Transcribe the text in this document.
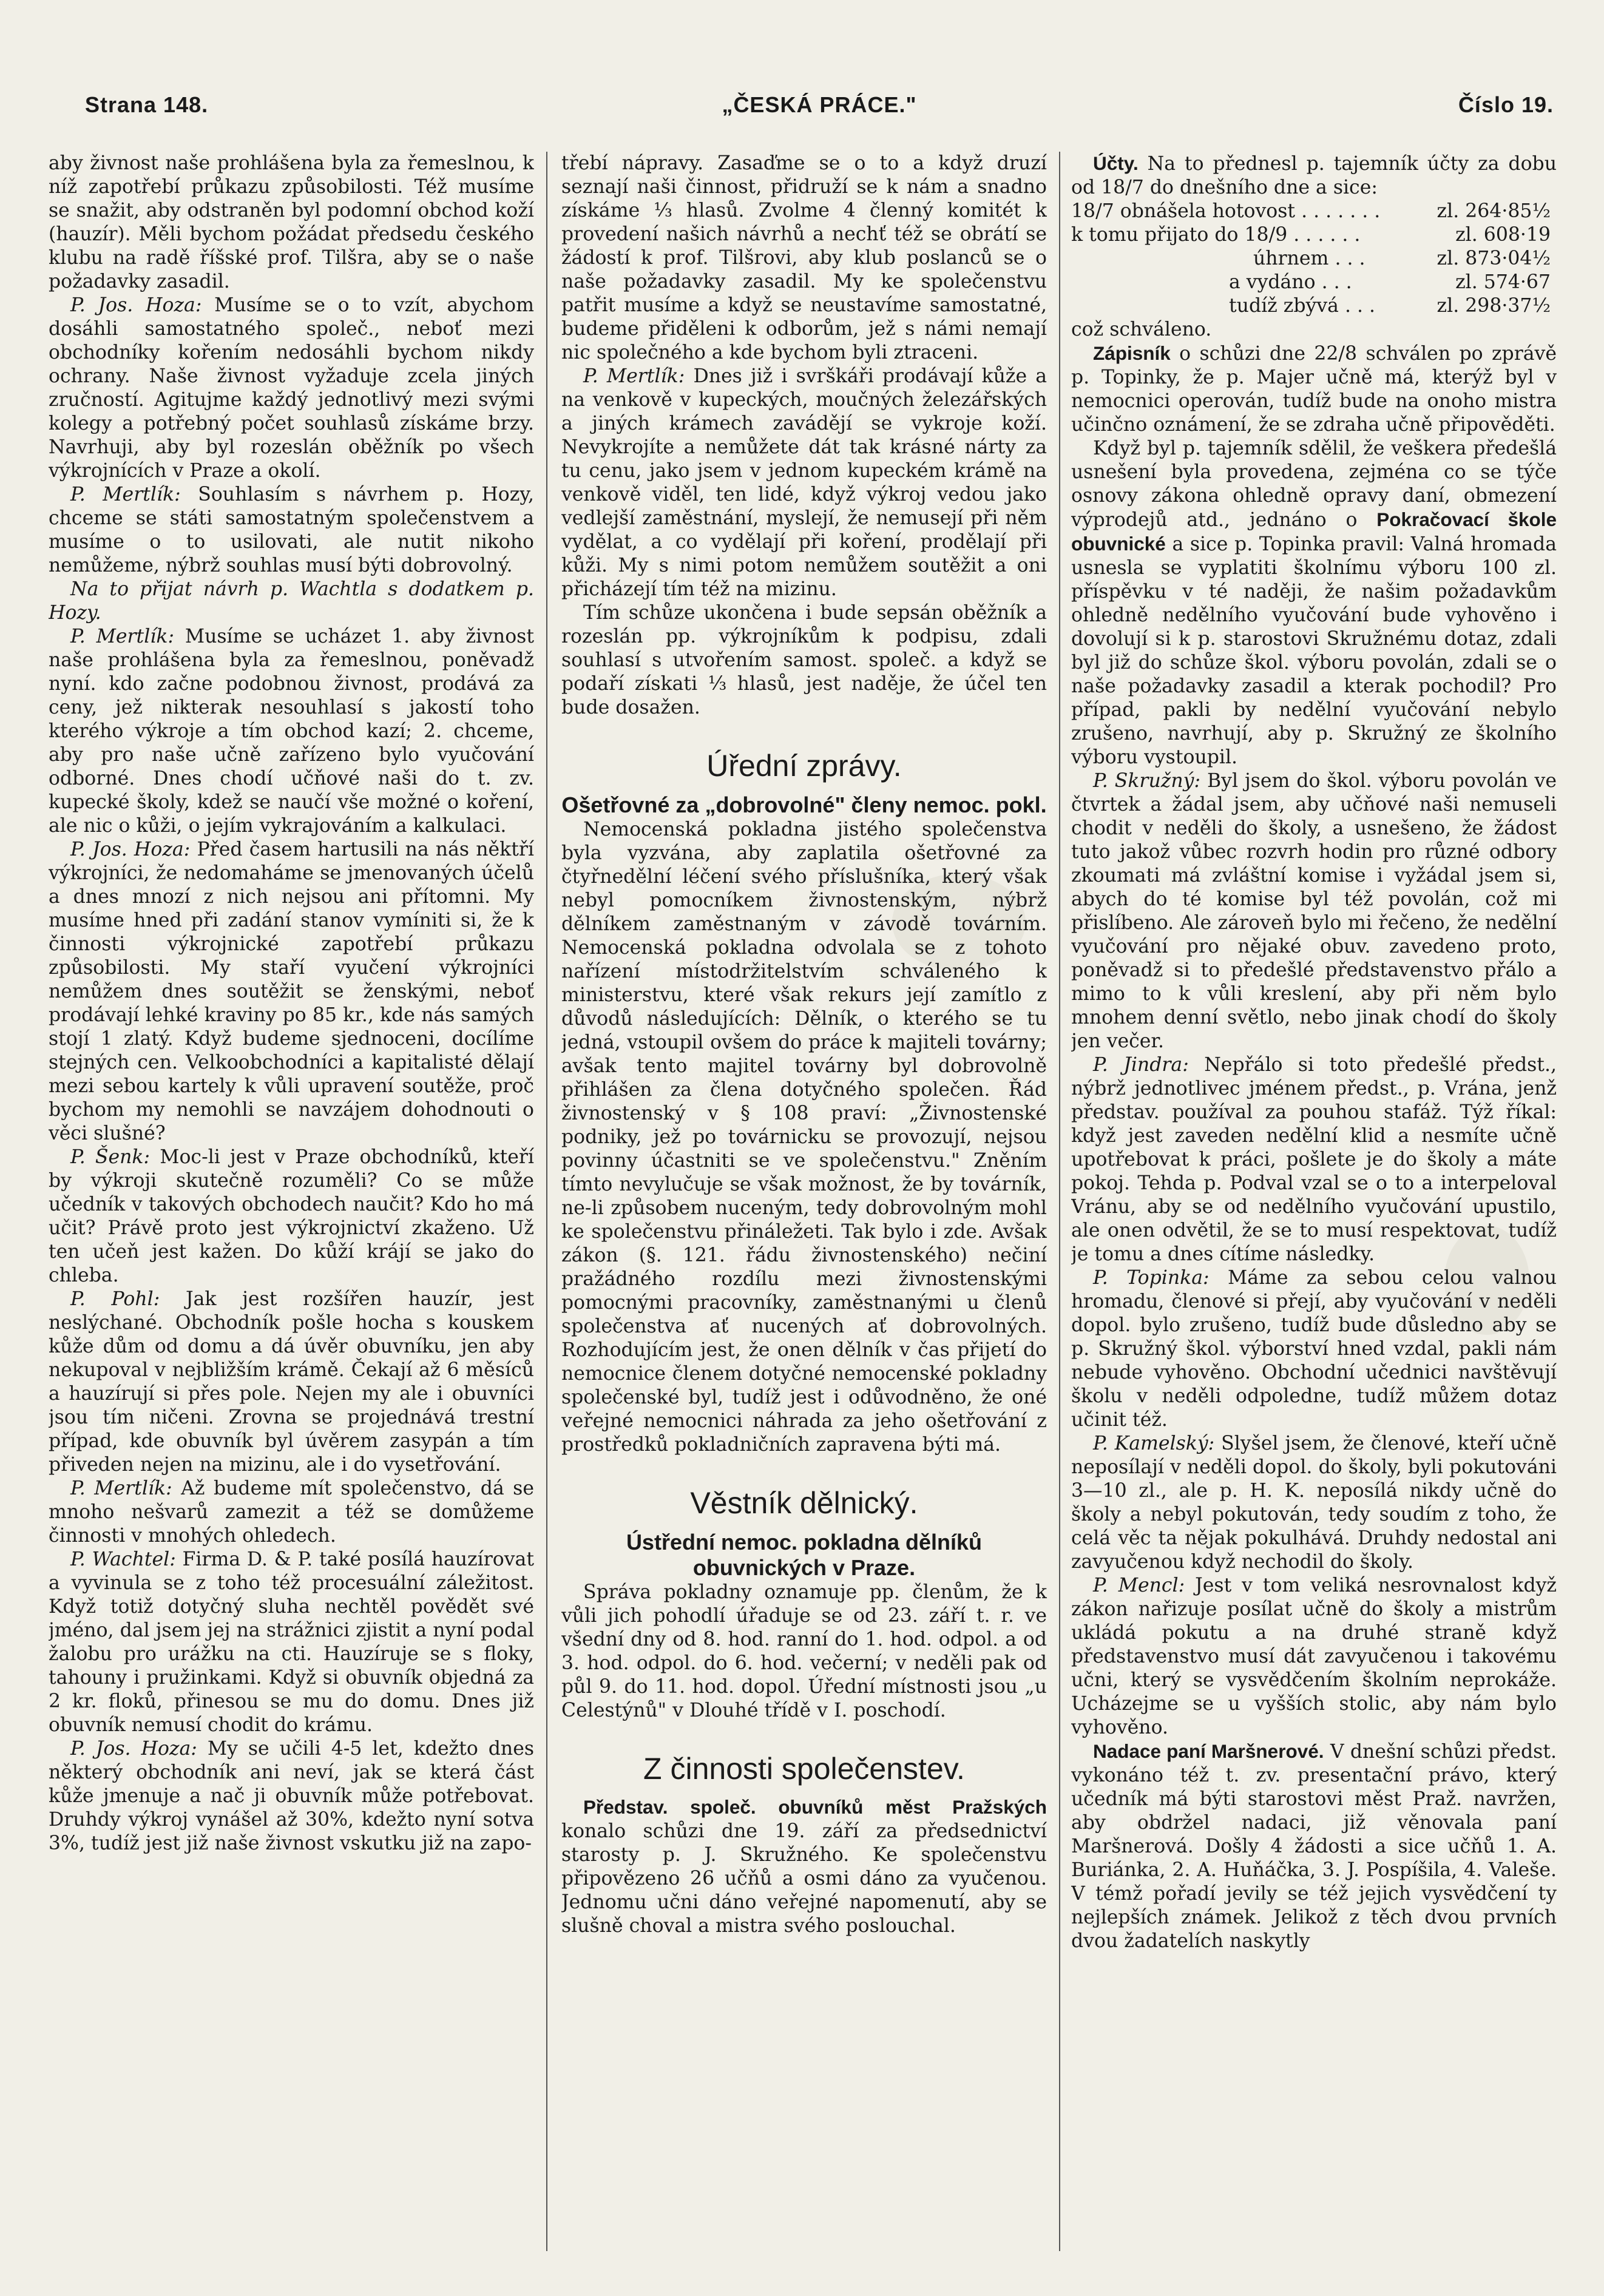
Strana 148.	„ČESKÁ PRÁCE."	Číslo 19.

aby živnost naše prohlášena byla za řemeslnou, k níž zapotřebí průkazu způsobilosti. Též musíme se snažit, aby odstraněn byl podomní obchod koží (hauzír). Měli bychom požádat předsedu českého klubu na radě říšské prof. Tilšra, aby se o naše požadavky zasadil.

P. Jos. Hoza: Musíme se o to vzít, abychom dosáhli samostatného společ., neboť mezi obchodníky kořením nedosáhli bychom nikdy ochrany. Naše živnost vyžaduje zcela jiných zručností. Agitujme každý jednotlivý mezi svými kolegy a potřebný počet souhlasů získáme brzy. Navrhuji, aby byl rozeslán oběžník po všech výkrojnících v Praze a okolí.

P. Mertlík: Souhlasím s návrhem p. Hozy, chceme se státi samostatným společenstvem a musíme o to usilovati, ale nutit nikoho nemůžeme, nýbrž souhlas musí býti dobrovolný.

Na to přijat návrh p. Wachtla s dodatkem p. Hozy.

P. Mertlík: Musíme se ucházet 1. aby živnost naše prohlášena byla za řemeslnou, poněvadž nyní. kdo začne podobnou živnost, prodává za ceny, jež nikterak nesouhlasí s jakostí toho kterého výkroje a tím obchod kazí; 2. chceme, aby pro naše učně zařízeno bylo vyučování odborné. Dnes chodí učňové naši do t. zv. kupecké školy, kdež se naučí vše možné o koření, ale nic o kůži, o jejím vykrajováním a kalkulaci.

P. Jos. Hoza: Před časem hartusili na nás něktří výkrojníci, že nedomaháme se jmenovaných účelů a dnes mnozí z nich nejsou ani přítomni. My musíme hned při zadání stanov vymíniti si, že k činnosti výkrojnické zapotřebí průkazu způsobilosti. My staří vyučení výkrojníci nemůžem dnes soutěžit se ženskými, neboť prodávají lehké kraviny po 85 kr., kde nás samých stojí 1 zlatý. Když budeme sjednoceni, docílíme stejných cen. Velkoobchodníci a kapitalisté dělají mezi sebou kartely k vůli upravení soutěže, proč bychom my nemohli se navzájem dohodnouti o věci slušné?

P. Šenk: Moc-li jest v Praze obchodníků, kteří by výkroji skutečně rozuměli? Co se může učedník v takových obchodech naučit? Kdo ho má učit? Právě proto jest výkrojnictví zkaženo. Už ten učeň jest kažen. Do kůží krájí se jako do chleba.

P. Pohl: Jak jest rozšířen hauzír, jest neslýchané. Obchodník pošle hocha s kouskem kůže dům od domu a dá úvěr obuvníku, jen aby nekupoval v nejbližším krámě. Čekají až 6 měsíců a hauzírují si přes pole. Nejen my ale i obuvníci jsou tím ničeni. Zrovna se projednává trestní případ, kde obuvník byl úvěrem zasypán a tím přiveden nejen na mizinu, ale i do vysetřování.

P. Mertlík: Až budeme mít společenstvo, dá se mnoho nešvarů zamezit a též se domůžeme činnosti v mnohých ohledech.

P. Wachtel: Firma D. & P. také posílá hauzírovat a vyvinula se z toho též procesuální záležitost. Když totiž dotyčný sluha nechtěl povědět své jméno, dal jsem jej na strážnici zjistit a nyní podal žalobu pro urážku na cti. Hauzíruje se s floky, tahouny i pružinkami. Když si obuvník objedná za 2 kr. floků, přinesou se mu do domu. Dnes již obuvník nemusí chodit do krámu.

P. Jos. Hoza: My se učili 4-5 let, kdežto dnes některý obchodník ani neví, jak se která část kůže jmenuje a nač ji obuvník může potřebovat. Druhdy výkroj vynášel až 30%, kdežto nyní sotva 3%, tudíž jest již naše živnost vskutku již na zapo-

třebí nápravy. Zasaďme se o to a když druzí seznají naši činnost, přidruží se k nám a snadno získáme ⅓ hlasů. Zvolme 4 členný komitét k provedení našich návrhů a nechť též se obrátí se žádostí k prof. Tilšrovi, aby klub poslanců se o naše požadavky zasadil. My ke společenstvu patřit musíme a když se neustavíme samostatné, budeme přiděleni k odborům, jež s námi nemají nic společného a kde bychom byli ztraceni.

P. Mertlík: Dnes již i svrškáři prodávají kůže a na venkově v kupeckých, moučných železářských a jiných krámech zavádějí se vykroje koží. Nevykrojíte a nemůžete dát tak krásné nárty za tu cenu, jako jsem v jednom kupeckém krámě na venkově viděl, ten lidé, když výkroj vedou jako vedlejší zaměstnání, myslejí, že nemusejí při něm vydělat, a co vydělají při koření, prodělají při kůži. My s nimi potom nemůžem soutěžit a oni přicházejí tím též na mizinu.

Tím schůze ukončena i bude sepsán oběžník a rozeslán pp. výkrojníkům k podpisu, zdali souhlasí s utvořením samost. společ. a když se podaří získati ⅓ hlasů, jest naděje, že účel ten bude dosažen.

Úřední zprávy.
Ošetřovné za „dobrovolné" členy nemoc. pokl.

Nemocenská pokladna jistého společenstva byla vyzvána, aby zaplatila ošetřovné za čtyřnedělní léčení svého příslušníka, který však nebyl pomocníkem živnostenským, nýbrž dělníkem zaměstnaným v závodě továrním. Nemocenská pokladna odvolala se z tohoto nařízení místodržitelstvím schváleného k ministerstvu, které však rekurs její zamítlo z důvodů následujících: Dělník, o kterého se tu jedná, vstoupil ovšem do práce k majiteli továrny; avšak tento majitel továrny byl dobrovolně přihlášen za člena dotyčného společen. Řád živnostenský v § 108 praví: „Živnostenské podniky, jež po továrnicku se provozují, nejsou povinny účastniti se ve společenstvu." Zněním tímto nevylučuje se však možnost, že by továrník, ne-li způsobem nuceným, tedy dobrovolným mohl ke společenstvu přináležeti. Tak bylo i zde. Avšak zákon (§. 121. řádu živnostenského) nečiní pražádného rozdílu mezi živnostenskými pomocnými pracovníky, zaměstnanými u členů společenstva ať nucených ať dobrovolných. Rozhodujícím jest, že onen dělník v čas přijetí do nemocnice členem dotyčné nemocenské pokladny společenské byl, tudíž jest i odůvodněno, že oné veřejné nemocnici náhrada za jeho ošetřování z prostředků pokladničních zapravena býti má.

Věstník dělnický.
Ústřední nemoc. pokladna dělníků obuvnických v Praze.

Správa pokladny oznamuje pp. členům, že k vůli jich pohodlí úřaduje se od 23. září t. r. ve všední dny od 8. hod. ranní do 1. hod. odpol. a od 3. hod. odpol. do 6. hod. večerní; v neděli pak od půl 9. do 11. hod. dopol. Úřední místnosti jsou „u Celestýnů" v Dlouhé třídě v I. poschodí.

Z činnosti společenstev.

Představ. společ. obuvníků měst Pražských konalo schůzi dne 19. září za předsednictví starosty p. J. Skružného. Ke společenstvu připovězeno 26 učňů a osmi dáno za vyučenou. Jednomu učni dáno veřejné napomenutí, aby se slušně choval a mistra svého poslouchal.

Účty. Na to přednesl p. tajemník účty za dobu od 18/7 do dnešního dne a sice:

18/7 obnášela hotovost . . . . . . .	zl. 264·85½
k tomu přijato do 18/9 . . . . . .	zl. 608·19
úhrnem . . .	zl. 873·04½
a vydáno . . .	zl. 574·67
tudíž zbývá . . .	zl. 298·37½

což schváleno.

Zápisník o schůzi dne 22/8 schválen po zprávě p. Topinky, že p. Majer učně má, kterýž byl v nemocnici operován, tudíž bude na onoho mistra učinčno oznámení, že se zdraha učně připověděti.

Když byl p. tajemník sdělil, že veškera předešlá usnešení byla provedena, zejména co se týče osnovy zákona ohledně opravy daní, obmezení výprodejů atd., jednáno o Pokračovací škole obuvnické a sice p. Topinka pravil: Valná hromada usnesla se vyplatiti školnímu výboru 100 zl. příspěvku v té naději, že našim požadavkům ohledně nedělního vyučování bude vyhověno i dovolují si k p. starostovi Skružnému dotaz, zdali byl již do schůze škol. výboru povolán, zdali se o naše požadavky zasadil a kterak pochodil? Pro případ, pakli by nedělní vyučování nebylo zrušeno, navrhují, aby p. Skružný ze školního výboru vystoupil.

P. Skružný: Byl jsem do škol. výboru povolán ve čtvrtek a žádal jsem, aby učňové naši nemuseli chodit v neděli do školy, a usnešeno, že žádost tuto jakož vůbec rozvrh hodin pro různé odbory zkoumati má zvláštní komise i vyžádal jsem si, abych do té komise byl též povolán, což mi přislíbeno. Ale zároveň bylo mi řečeno, že nedělní vyučování pro nějaké obuv. zavedeno proto, poněvadž si to předešlé představenstvo přálo a mimo to k vůli kreslení, aby při něm bylo mnohem denní světlo, nebo jinak chodí do školy jen večer.

P. Jindra: Nepřálo si toto předešlé předst., nýbrž jednotlivec jménem předst., p. Vrána, jenž představ. používal za pouhou stafáž. Týž říkal: když jest zaveden nedělní klid a nesmíte učně upotřebovat k práci, pošlete je do školy a máte pokoj. Tehda p. Podval vzal se o to a interpeloval Vránu, aby se od nedělního vyučování upustilo, ale onen odvětil, že se to musí respektovat, tudíž je tomu a dnes cítíme následky.

P. Topinka: Máme za sebou celou valnou hromadu, členové si přejí, aby vyučování v neděli dopol. bylo zrušeno, tudíž bude důsledno aby se p. Skružný škol. výborství hned vzdal, pakli nám nebude vyhověno. Obchodní učednici navštěvují školu v neděli odpoledne, tudíž můžem dotaz učinit též.

P. Kamelský: Slyšel jsem, že členové, kteří učně neposílají v neděli dopol. do školy, byli pokutováni 3—10 zl., ale p. H. K. neposílá nikdy učně do školy a nebyl pokutován, tedy soudím z toho, že celá věc ta nějak pokulhává. Druhdy nedostal ani zavyučenou když nechodil do školy.

P. Mencl: Jest v tom veliká nesrovnalost když zákon nařizuje posílat učně do školy a mistrům ukládá pokutu a na druhé straně když představenstvo musí dát zavyučenou i takovému učni, který se vysvědčením školním neprokáže. Ucházejme se u vyšších stolic, aby nám bylo vyhověno.

Nadace paní Maršnerové. V dnešní schůzi předst. vykonáno též t. zv. presentační právo, který učedník má býti starostovi měst Praž. navržen, aby obdržel nadaci, již věnovala paní Maršnerová. Došly 4 žádosti a sice učňů 1. A. Buriánka, 2. A. Huňáčka, 3. J. Pospíšila, 4. Valeše. V témž pořadí jevily se též jejich vysvědčení ty nejlepších známek. Jelikož z těch dvou prvních dvou žadatelích naskytly
